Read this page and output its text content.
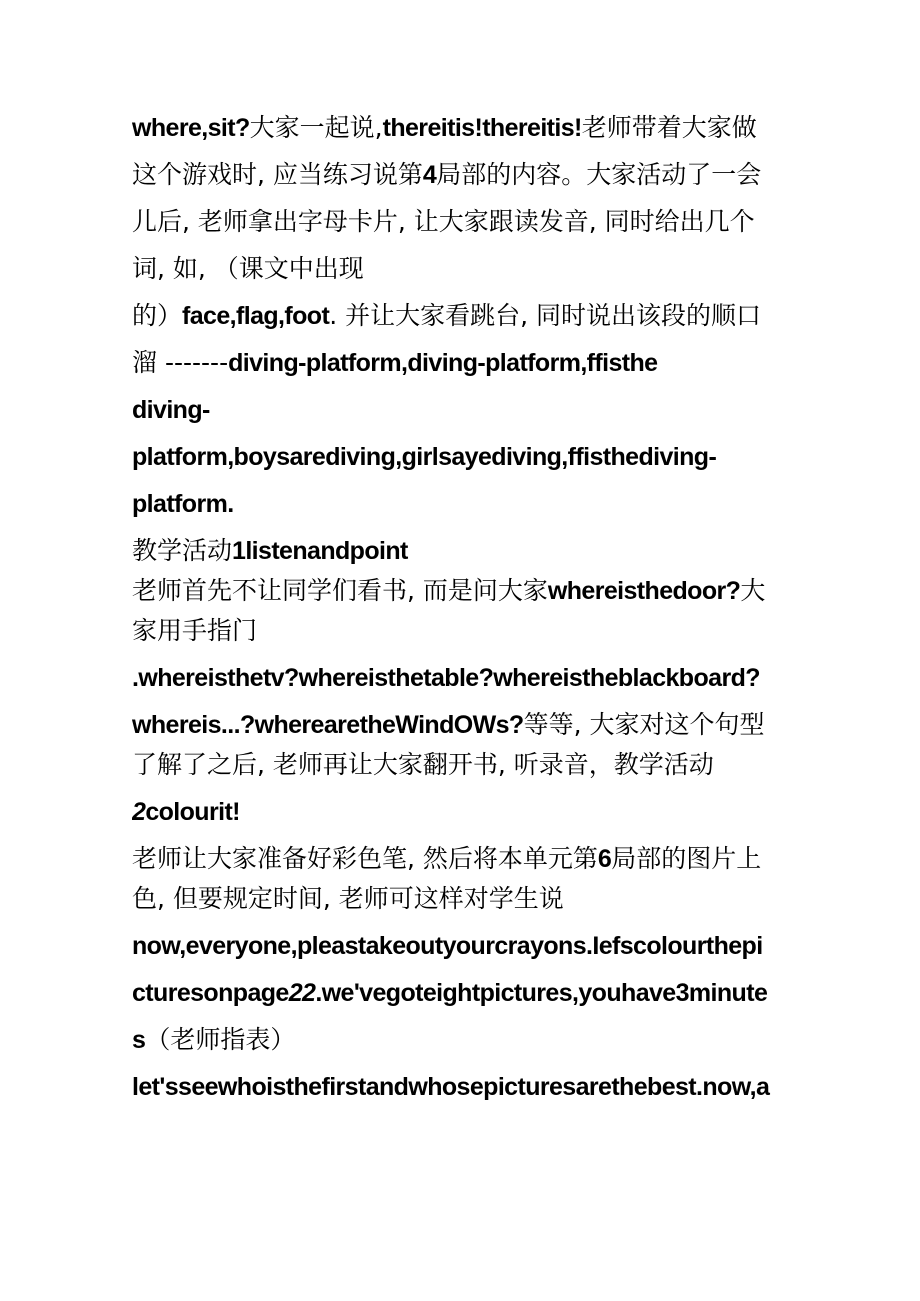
where,sit?大家一起说,thereitis!thereitis!老师带着大家做
这个游戏时, 应当练习说第4局部的内容。大家活动了一会
儿后, 老师拿出字母卡片, 让大家跟读发音, 同时给出几个
词, 如, （课文中出现
的）face,flag,foot. 并让大家看跳台, 同时说出该段的顺口
溜 -------diving-platform,diving-platform,ffisthe
diving-
platform,boysarediving,girlsayediving,ffisthediving-
platform.
教学活动1listenandpoint
老师首先不让同学们看书, 而是问大家whereisthedoor?大
家用手指门
.whereisthetv?whereisthetable?whereistheblackboard?
whereis...?wherearetheWindOWs?等等, 大家对这个句型
了解了之后, 老师再让大家翻开书, 听录音，教学活动
2colourit!
老师让大家准备好彩色笔, 然后将本单元第6局部的图片上
色, 但要规定时间, 老师可这样对学生说
now,everyone,pleastakeoutyourcrayons.Iefscolourthepi
cturesonpage22.we'vegoteightpictures,youhave3minute
s（老师指表）
let'sseewhoisthefirstandwhosepicturesarethebest.now,a
